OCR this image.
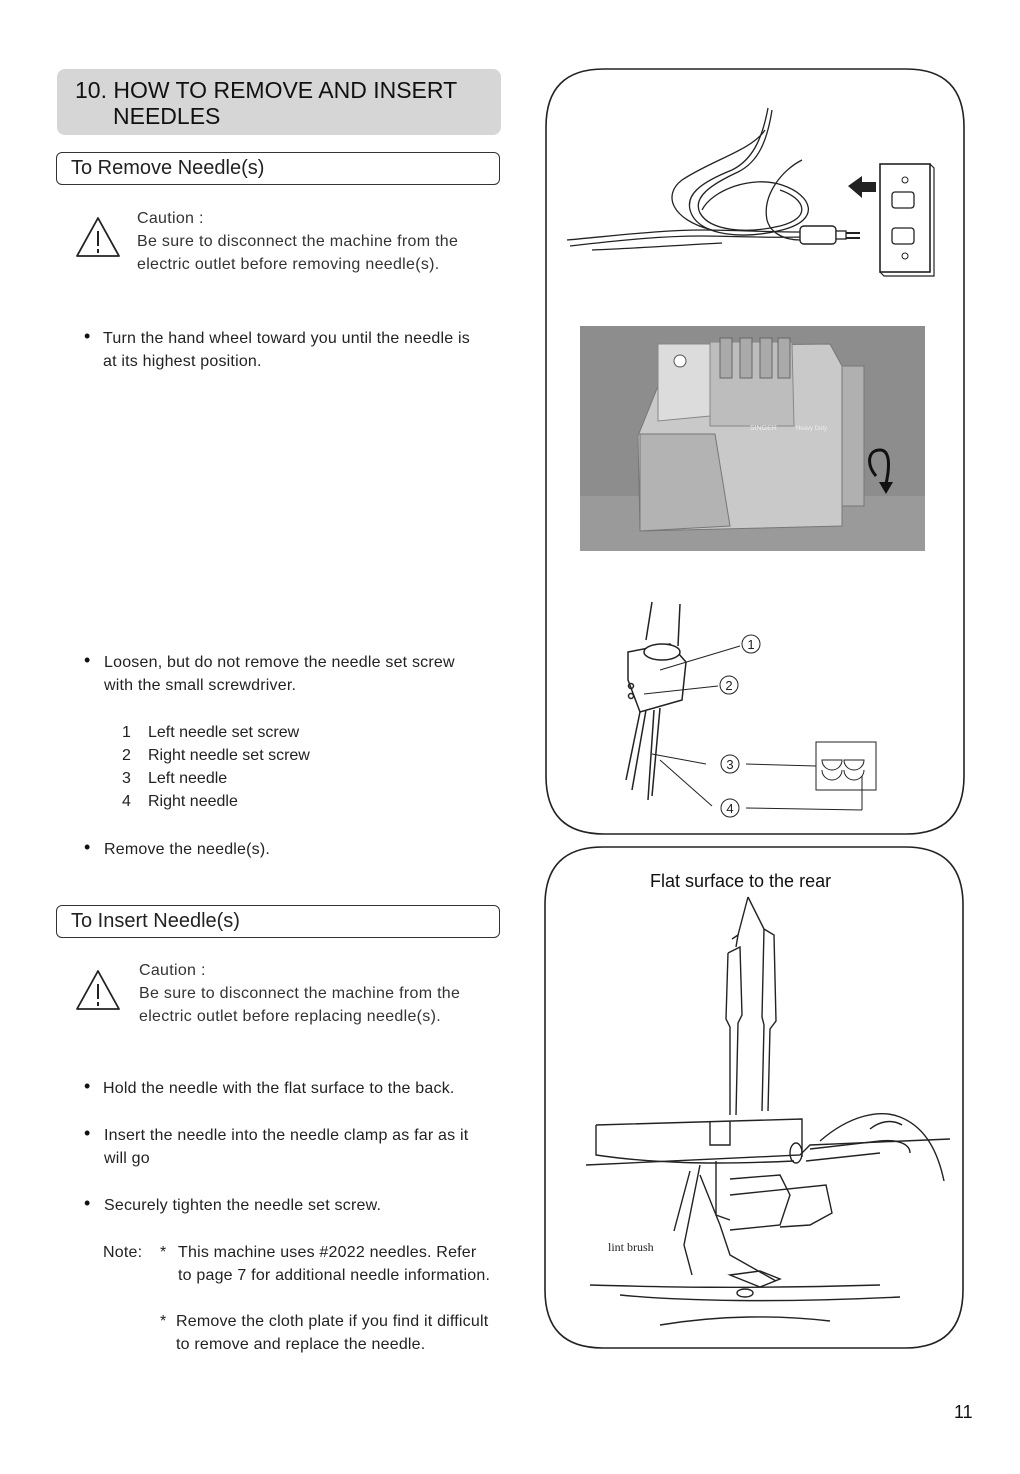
10. HOW TO REMOVE AND INSERT
NEEDLES
To Remove Needle(s)
Caution :
Be sure to disconnect the machine from the
electric outlet before removing needle(s).
• Turn the hand wheel toward you until the needle is
at its highest position.
• Loosen, but do not remove the needle set screw
with the small screwdriver.
1 Left needle set screw
2 Right needle set screw
3 Left needle
4 Right needle
• Remove the needle(s).
To Insert Needle(s)
Caution :
Be sure to disconnect the machine from the
electric outlet before replacing needle(s).
• Hold the needle with the flat surface to the back.
• Insert the needle into the needle clamp as far as it
will go
• Securely tighten the needle set screw.
Note: * This machine uses #2022 needles. Refer
to page 7 for additional needle information.
* Remove the cloth plate if you find it difficult
to remove and replace the needle.
SINGER	Heavy Duty
1
2
3
4
Flat surface to the rear
lint brush
11
